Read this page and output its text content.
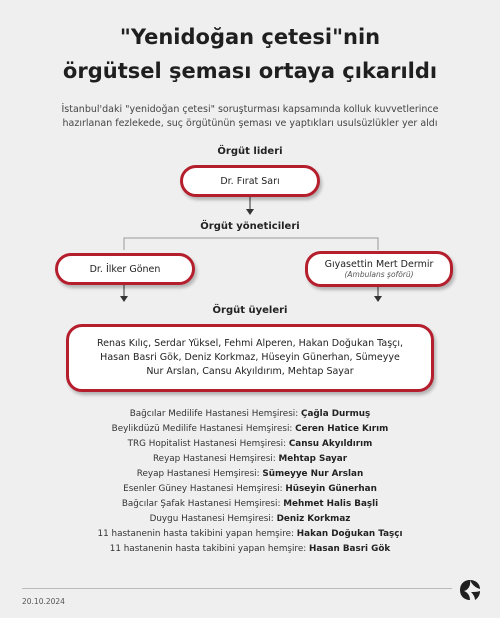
"Yenidoğan çetesi"nin
örgütsel şeması ortaya çıkarıldı
İstanbul'daki "yenidoğan çetesi" soruşturması kapsamında kolluk kuvvetlerince
hazırlanan fezlekede, suç örgütünün şeması ve yaptıkları usulsüzlükler yer aldı
Örgüt lideri
Dr. Fırat Sarı
Örgüt yöneticileri
Dr. İlker Gönen	Gıyasettin Mert Dermir
(Ambulans şoförü)
Örgüt üyeleri
Renas Kılıç, Serdar Yüksel, Fehmi Alperen, Hakan Doğukan Taşçı,
Hasan Basri Gök, Deniz Korkmaz, Hüseyin Günerhan, Sümeyye
Nur Arslan, Cansu Akyıldırım, Mehtap Sayar
Bağcılar Medilife Hastanesi Hemşiresi: Çağla Durmuş
Beylikdüzü Medilife Hastanesi Hemşiresi: Ceren Hatice Kırım
TRG Hopitalist Hastanesi Hemşiresi: Cansu Akyıldırım
Reyap Hastanesi Hemşiresi: Mehtap Sayar
Reyap Hastanesi Hemşiresi: Sümeyye Nur Arslan
Esenler Güney Hastanesi Hemşiresi: Hüseyin Günerhan
Bağcılar Şafak Hastanesi Hemşiresi: Mehmet Halis Başli
Duygu Hastanesi Hemşiresi: Deniz Korkmaz
11 hastanenin hasta takibini yapan hemşire: Hakan Doğukan Taşçı
11 hastanenin hasta takibini yapan hemşire: Hasan Basri Gök
20.10.2024
